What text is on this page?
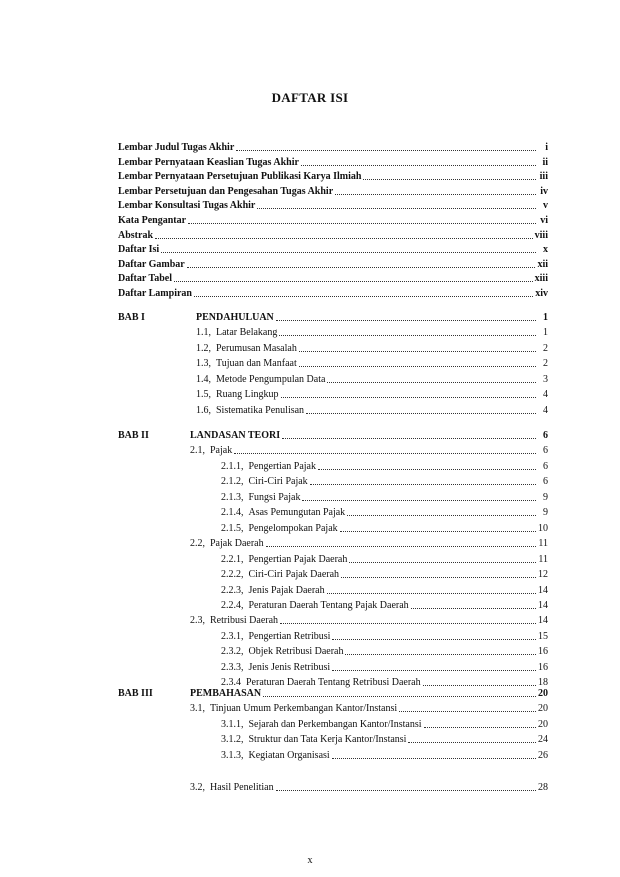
DAFTAR ISI
Lembar Judul Tugas Akhir	i
Lembar Pernyataan Keaslian Tugas Akhir	ii
Lembar Pernyataan Persetujuan Publikasi Karya Ilmiah	iii
Lembar Persetujuan dan Pengesahan Tugas Akhir	iv
Lembar Konsultasi Tugas Akhir	v
Kata Pengantar	vi
Abstrak	viii
Daftar Isi	x
Daftar Gambar	xii
Daftar Tabel	xiii
Daftar Lampiran	xiv
BAB I	PENDAHULUAN	1
1.1, Latar Belakang	1
1.2, Perumusan Masalah	2
1.3, Tujuan dan Manfaat	2
1.4, Metode Pengumpulan Data	3
1.5, Ruang Lingkup	4
1.6, Sistematika Penulisan	4
BAB II	LANDASAN TEORI	6
2.1, Pajak	6
2.1.1, Pengertian Pajak	6
2.1.2, Ciri-Ciri Pajak	6
2.1.3, Fungsi Pajak	9
2.1.4, Asas Pemungutan Pajak	9
2.1.5, Pengelompokan Pajak	10
2.2, Pajak Daerah	11
2.2.1, Pengertian Pajak Daerah	11
2.2.2, Ciri-Ciri Pajak Daerah	12
2.2.3, Jenis Pajak Daerah	14
2.2.4, Peraturan Daerah Tentang Pajak Daerah	14
2.3, Retribusi Daerah	14
2.3.1, Pengertian Retribusi	15
2.3.2, Objek Retribusi Daerah	16
2.3.3, Jenis Jenis Retribusi	16
2.3.4 Peraturan Daerah Tentang Retribusi Daerah	18
BAB III	PEMBAHASAN	20
3.1, Tinjuan Umum Perkembangan Kantor/Instansi	20
3.1.1, Sejarah dan Perkembangan Kantor/Instansi	20
3.1.2, Struktur dan Tata Kerja Kantor/Instansi	24
3.1.3, Kegiatan Organisasi	26
3.2, Hasil Penelitian	28
x
